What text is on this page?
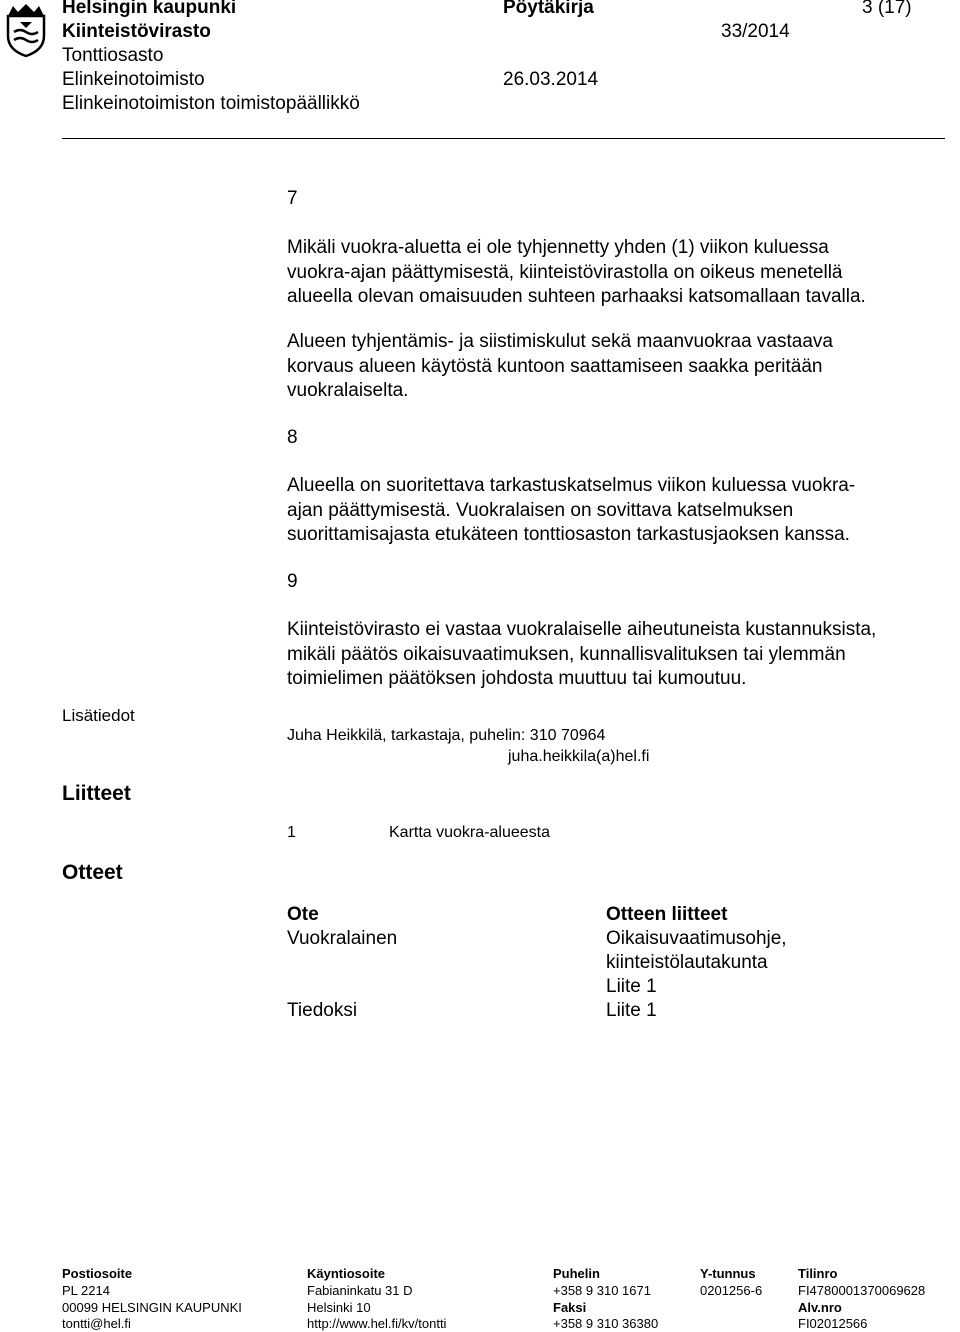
Helsingin kaupunki
Kiinteistövirasto
Tonttiosasto
Elinkeinotoimisto
Elinkeinotoimiston toimistopäällikkö
Pöytäkirja
33/2014
26.03.2014
3 (17)
7
Mikäli vuokra-aluetta ei ole tyhjennetty yhden (1) viikon kuluessa
vuokra-ajan päättymisestä, kiinteistövirastolla on oikeus menetellä
alueella olevan omaisuuden suhteen parhaaksi katsomallaan tavalla.
Alueen tyhjentämis- ja siistimiskulut sekä maanvuokraa vastaava
korvaus alueen käytöstä kuntoon saattamiseen saakka peritään
vuokralaiselta.
8
Alueella on suoritettava tarkastuskatselmus viikon kuluessa vuokra-
ajan päättymisestä. Vuokralaisen on sovittava katselmuksen
suorittamisajasta etukäteen tonttiosaston tarkastusjaoksen kanssa.
9
Kiinteistövirasto ei vastaa vuokralaiselle aiheutuneista kustannuksista,
mikäli päätös oikaisuvaatimuksen, kunnallisvalituksen tai ylemmän
toimielimen päätöksen johdosta muuttuu tai kumoutuu.
Lisätiedot
Juha Heikkilä, tarkastaja, puhelin: 310 70964
juha.heikkila(a)hel.fi
Liitteet
1	Kartta vuokra-alueesta
Otteet
Ote	Otteen liitteet
Vuokralainen	Oikaisuvaatimusohje,
kiinteistölautakunta
Liite 1
Tiedoksi	Liite 1
Postiosoite
PL 2214
00099 HELSINGIN KAUPUNKI
tontti@hel.fi
Käyntiosoite
Fabianinkatu 31 D
Helsinki 10
http://www.hel.fi/kv/tontti
Puhelin
+358 9 310 1671
Faksi
+358 9 310 36380
Y-tunnus
0201256-6
Tilinro
FI4780001370069628
Alv.nro
FI02012566
